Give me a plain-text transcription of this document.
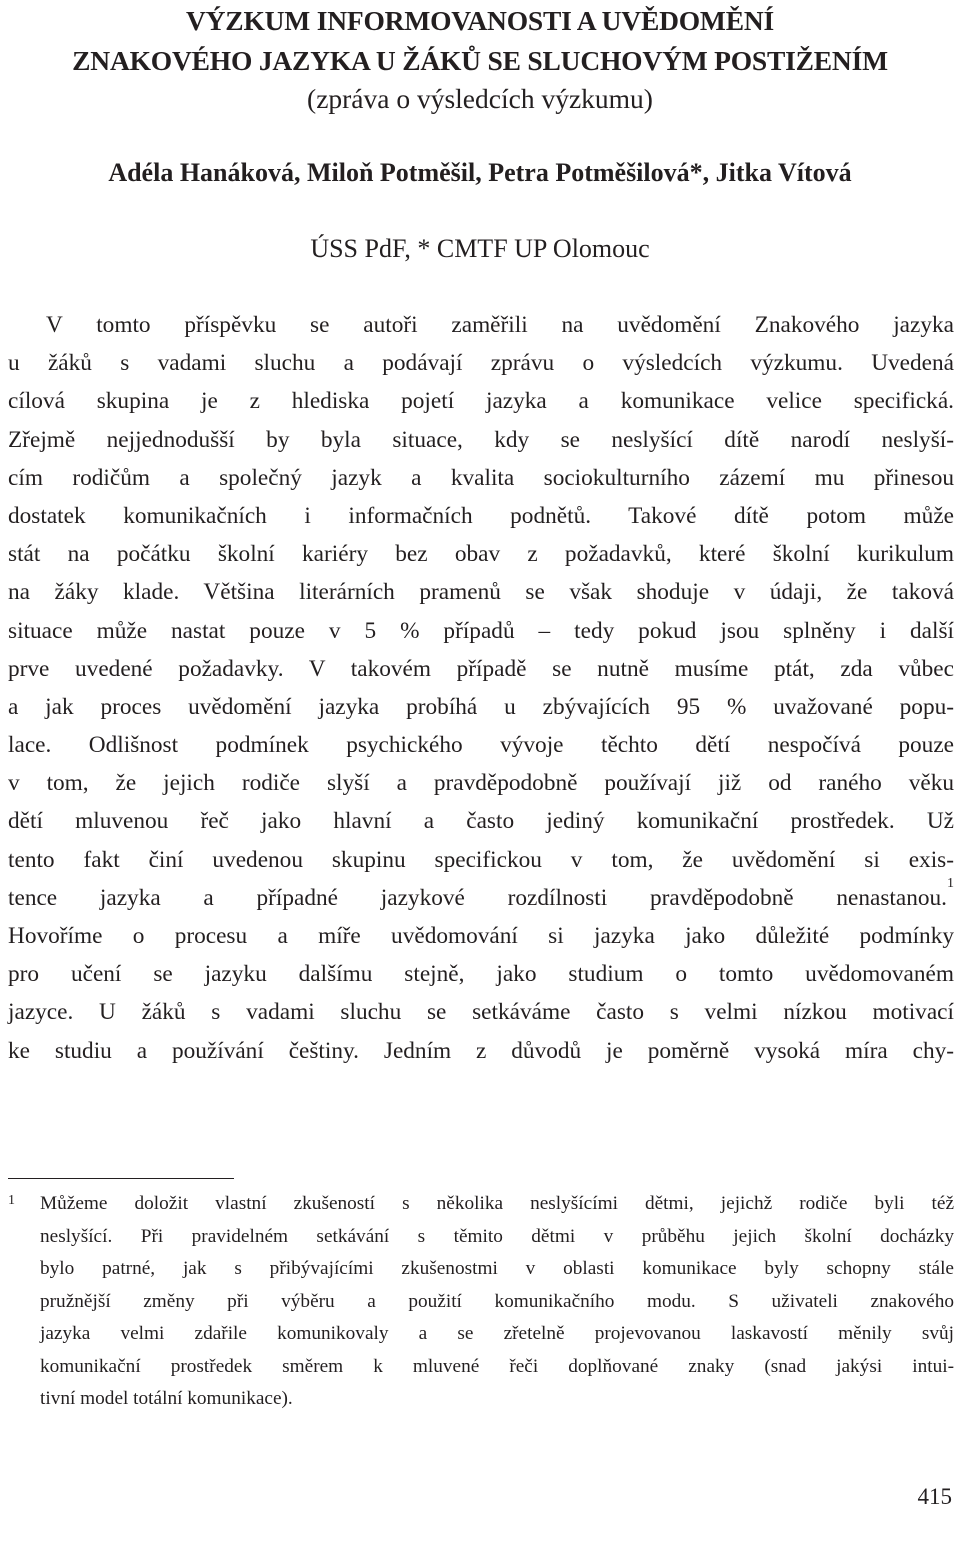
VÝZKUM INFORMOVANOSTI A UVĚDOMĚNÍ
ZNAKOVÉHO JAZYKA U ŽÁKŮ SE SLUCHOVÝM POSTIŽENÍM
(zpráva o výsledcích výzkumu)
Adéla Hanáková, Miloň Potměšil, Petra Potměšilová*, Jitka Vítová
ÚSS PdF, * CMTF UP Olomouc
V tomto příspěvku se autoři zaměřili na uvědomění Znakového jazyka
u žáků s vadami sluchu a podávají zprávu o výsledcích výzkumu. Uvedená
cílová skupina je z hlediska pojetí jazyka a komunikace velice specifická.
Zřejmě nejjednodušší by byla situace, kdy se neslyšící dítě narodí neslyší-
cím rodičům a společný jazyk a kvalita sociokulturního zázemí mu přinesou
dostatek komunikačních i informačních podnětů. Takové dítě potom může
stát na počátku školní kariéry bez obav z požadavků, které školní kurikulum
na žáky klade. Většina literárních pramenů se však shoduje v údaji, že taková
situace může nastat pouze v 5 % případů – tedy pokud jsou splněny i další
prve uvedené požadavky. V takovém případě se nutně musíme ptát, zda vůbec
a jak proces uvědomění jazyka probíhá u zbývajících 95 % uvažované popu-
lace. Odlišnost podmínek psychického vývoje těchto dětí nespočívá pouze
v tom, že jejich rodiče slyší a pravděpodobně používají již od raného věku
dětí mluvenou řeč jako hlavní a často jediný komunikační prostředek. Už
tento fakt činí uvedenou skupinu specifickou v tom, že uvědomění si exis-
tence jazyka a případné jazykové rozdílnosti pravděpodobně nenastanou.$^1$
Hovoříme o procesu a míře uvědomování si jazyka jako důležité podmínky
pro učení se jazyku dalšímu stejně, jako studium o tomto uvědomovaném
jazyce. U žáků s vadami sluchu se setkáváme často s velmi nízkou motivací
ke studiu a používání češtiny. Jedním z důvodů je poměrně vysoká míra chy-
1 Můžeme doložit vlastní zkušeností s několika neslyšícími dětmi, jejichž rodiče byli též
neslyšící. Při pravidelném setkávání s těmito dětmi v průběhu jejich školní docházky
bylo patrné, jak s přibývajícími zkušenostmi v oblasti komunikace byly schopny stále
pružnější změny při výběru a použití komunikačního modu. S uživateli znakového
jazyka velmi zdařile komunikovaly a se zřetelně projevovanou laskavostí měnily svůj
komunikační prostředek směrem k mluvené řeči doplňované znaky (snad jakýsi intui-
tivní model totální komunikace).
415
